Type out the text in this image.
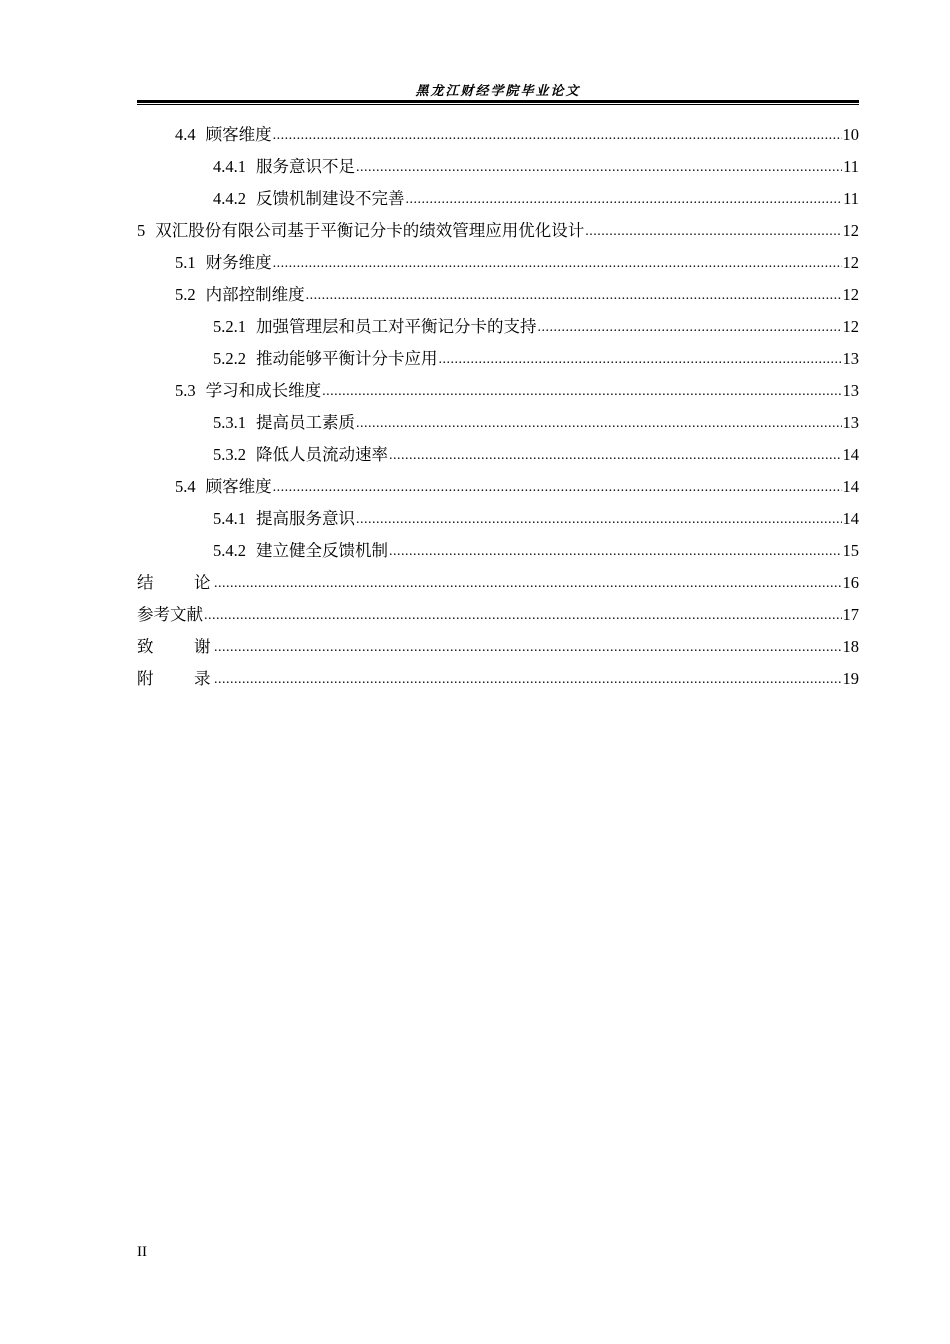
黑龙江财经学院毕业论文
4.4 顾客维度 .....	10
4.4.1 服务意识不足 .....	11
4.4.2 反馈机制建设不完善 .....	11
5 双汇股份有限公司基于平衡记分卡的绩效管理应用优化设计 .....	12
5.1 财务维度 .....	12
5.2 内部控制维度 .....	12
5.2.1 加强管理层和员工对平衡记分卡的支持 .....	12
5.2.2 推动能够平衡计分卡应用 .....	13
5.3 学习和成长维度 .....	13
5.3.1 提高员工素质 .....	13
5.3.2 降低人员流动速率 .....	14
5.4 顾客维度 .....	14
5.4.1 提高服务意识 .....	14
5.4.2 建立健全反馈机制 .....	15
结 论 .....	16
参考文献 .....	17
致 谢 .....	18
附 录 .....	19
II
